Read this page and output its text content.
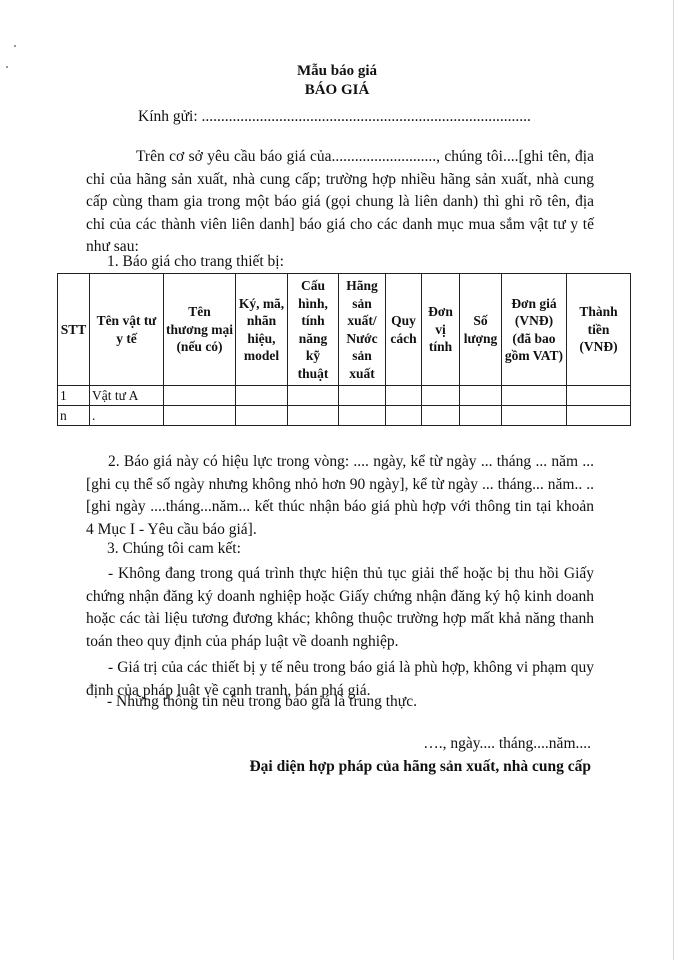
Mẫu báo giá
BÁO GIÁ
Kính gửi: .....................................................................................
Trên cơ sở yêu cầu báo giá của..........................., chúng tôi....[ghi tên, địa chỉ của hãng sản xuất, nhà cung cấp; trường hợp nhiều hãng sản xuất, nhà cung cấp cùng tham gia trong một báo giá (gọi chung là liên danh) thì ghi rõ tên, địa chỉ của các thành viên liên danh] báo giá cho các danh mục mua sắm vật tư y tế như sau:
1. Báo giá cho trang thiết bị:
STT	Tên vật tư y tế	Tên thương mại (nếu có)	Ký, mã, nhãn hiệu, model	Cấu hình, tính năng kỹ thuật	Hãng sản xuất/ Nước sản xuất	Quy cách	Đơn vị tính	Số lượng	Đơn giá (VNĐ) (đã bao gồm VAT)	Thành tiền (VNĐ)
1	Vật tư A									
n	.									
2. Báo giá này có hiệu lực trong vòng: .... ngày, kể từ ngày ... tháng ... năm ... [ghi cụ thể số ngày nhưng không nhỏ hơn 90 ngày], kể từ ngày ... tháng... năm.. ..[ghi ngày ....tháng...năm... kết thúc nhận báo giá phù hợp với thông tin tại khoản 4 Mục I - Yêu cầu báo giá].
3. Chúng tôi cam kết:
- Không đang trong quá trình thực hiện thủ tục giải thể hoặc bị thu hồi Giấy chứng nhận đăng ký doanh nghiệp hoặc Giấy chứng nhận đăng ký hộ kinh doanh hoặc các tài liệu tương đương khác; không thuộc trường hợp mất khả năng thanh toán theo quy định của pháp luật về doanh nghiệp.
- Giá trị của các thiết bị y tế nêu trong báo giá là phù hợp, không vi phạm quy định của pháp luật về cạnh tranh, bán phá giá.
- Những thông tin nêu trong báo giá là trung thực.
…., ngày.... tháng....năm....
Đại diện hợp pháp của hãng sản xuất, nhà cung cấp
